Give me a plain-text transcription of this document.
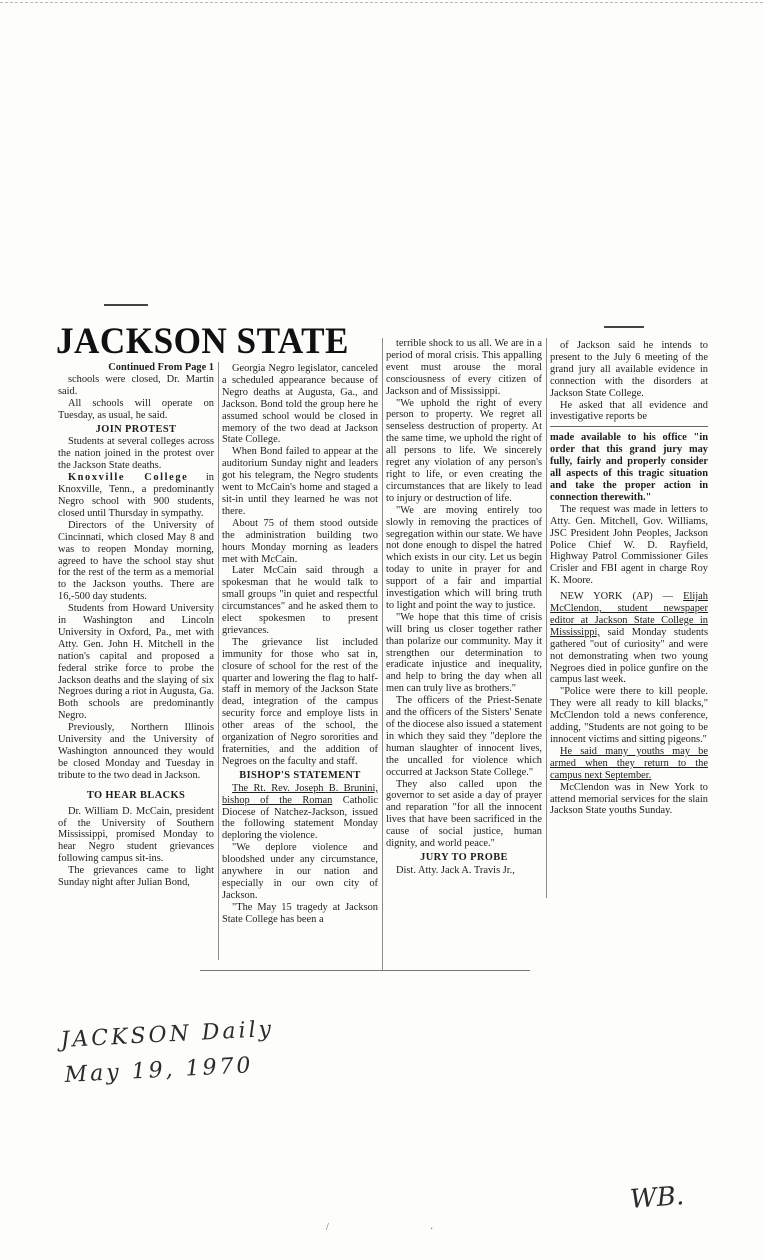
JACKSON STATE

Continued From Page 1

schools were closed, Dr. Martin said.

All schools will operate on Tuesday, as usual, he said.

JOIN PROTEST

Students at several colleges across the nation joined in the protest over the Jackson State deaths.

Knoxville College in Knoxville, Tenn., a predominantly Negro school with 900 students, closed until Thursday in sympathy.

Directors of the University of Cincinnati, which closed May 8 and was to reopen Monday morning, agreed to have the school stay shut for the rest of the term as a memorial to the Jackson youths. There are 16,-500 day students.

Students from Howard University in Washington and Lincoln University in Oxford, Pa., met with Atty. Gen. John H. Mitchell in the nation's capital and proposed a federal strike force to probe the Jackson deaths and the slaying of six Negroes during a riot in Augusta, Ga. Both schools are predominantly Negro.

Previously, Northern Illinois University and the University of Washington announced they would be closed Monday and Tuesday in tribute to the two dead in Jackson.

TO HEAR BLACKS

Dr. William D. McCain, president of the University of Southern Mississippi, promised Monday to hear Negro student grievances following campus sit-ins.

The grievances came to light Sunday night after Julian Bond,

Georgia Negro legislator, canceled a scheduled appearance because of Negro deaths at Augusta, Ga., and Jackson. Bond told the group here he assumed school would be closed in memory of the two dead at Jackson State College.

When Bond failed to appear at the auditorium Sunday night and leaders got his telegram, the Negro students went to McCain's home and staged a sit-in until they learned he was not there.

About 75 of them stood outside the administration building two hours Monday morning as leaders met with McCain.

Later McCain said through a spokesman that he would talk to small groups "in quiet and respectful circumstances" and he asked them to elect spokesmen to present grievances.

The grievance list included immunity for those who sat in, closure of school for the rest of the quarter and lowering the flag to half-staff in memory of the Jackson State dead, integration of the campus security force and employe lists in other areas of the school, the organization of Negro sororities and fraternities, and the addition of Negroes on the faculty and staff.

BISHOP'S STATEMENT

The Rt. Rev. Joseph B. Brunini, bishop of the Roman Catholic Diocese of Natchez-Jackson, issued the following statement Monday deploring the violence.

"We deplore violence and bloodshed under any circumstance, anywhere in our nation and especially in our own city of Jackson.

"The May 15 tragedy at Jackson State College has been a

terrible shock to us all. We are in a period of moral crisis. This appalling event must arouse the moral consciousness of every citizen of Jackson and of Mississippi.

"We uphold the right of every person to property. We regret all senseless destruction of property. At the same time, we uphold the right of all persons to life. We sincerely regret any violation of any person's right to life, or even creating the circumstances that are likely to lead to injury or destruction of life.

"We are moving entirely too slowly in removing the practices of segregation within our state. We have not done enough to dispel the hatred which exists in our city. Let us begin today to unite in prayer for and support of a fair and impartial investigation which will bring truth to light and point the way to justice.

"We hope that this time of crisis will bring us closer together rather than polarize our community. May it strengthen our determination to eradicate injustice and inequality, and help to bring the day when all men can truly live as brothers."

The officers of the Priest-Senate and the officers of the Sisters' Senate of the diocese also issued a statement in which they said they "deplore the human slaughter of innocent lives, the uncalled for violence which occurred at Jackson State College."

They also called upon the governor to set aside a day of prayer and reparation "for all the innocent lives that have been sacrificed in the cause of social justice, human dignity, and world peace."

JURY TO PROBE

Dist. Atty. Jack A. Travis Jr.,

of Jackson said he intends to present to the July 6 meeting of the grand jury all available evidence in connection with the disorders at Jackson State College.

He asked that all evidence and investigative reports be

made available to his office "in order that this grand jury may fully, fairly and properly consider all aspects of this tragic situation and take the proper action in connection therewith."

The request was made in letters to Atty. Gen. Mitchell, Gov. Williams, JSC President John Peoples, Jackson Police Chief W. D. Rayfield, Highway Patrol Commissioner Giles Crisler and FBI agent in charge Roy K. Moore.

NEW YORK (AP) — Elijah McClendon, student newspaper editor at Jackson State College in Mississippi, said Monday students gathered "out of curiosity" and were not demonstrating when two young Negroes died in police gunfire on the campus last week.

"Police were there to kill people. They were all ready to kill blacks," McClendon told a news conference, adding, "Students are not going to be innocent victims and sitting pigeons."

He said many youths may be armed when they return to the campus next September.

McClendon was in New York to attend memorial services for the slain Jackson State youths Sunday.

JACKSON Daily
May 19, 1970
WB.
/	·
